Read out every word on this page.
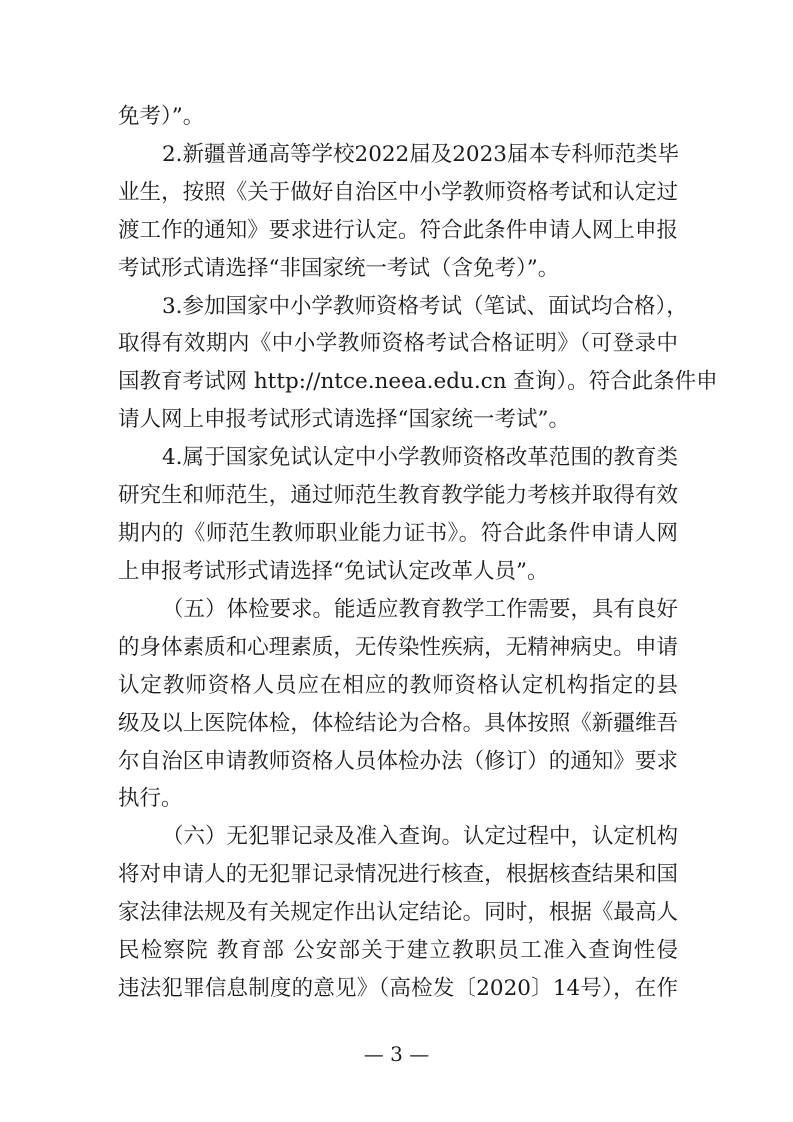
免考）”。
2.新疆普通高等学校2022届及2023届本专科师范类毕
业生，按照《关于做好自治区中小学教师资格考试和认定过
渡工作的通知》要求进行认定。符合此条件申请人网上申报
考试形式请选择“非国家统一考试（含免考）”。
3.参加国家中小学教师资格考试（笔试、面试均合格），
取得有效期内《中小学教师资格考试合格证明》（可登录中
国教育考试网 http://ntce.neea.edu.cn 查询）。符合此条件申
请人网上申报考试形式请选择“国家统一考试”。
4.属于国家免试认定中小学教师资格改革范围的教育类
研究生和师范生，通过师范生教育教学能力考核并取得有效
期内的《师范生教师职业能力证书》。符合此条件申请人网
上申报考试形式请选择“免试认定改革人员”。
（五）体检要求。能适应教育教学工作需要，具有良好
的身体素质和心理素质，无传染性疾病，无精神病史。申请
认定教师资格人员应在相应的教师资格认定机构指定的县
级及以上医院体检，体检结论为合格。具体按照《新疆维吾
尔自治区申请教师资格人员体检办法（修订）的通知》要求
执行。
（六）无犯罪记录及准入查询。认定过程中，认定机构
将对申请人的无犯罪记录情况进行核查，根据核查结果和国
家法律法规及有关规定作出认定结论。同时，根据《最高人
民检察院 教育部 公安部关于建立教职员工准入查询性侵
违法犯罪信息制度的意见》（高检发〔2020〕14号），在作
— 3 —
